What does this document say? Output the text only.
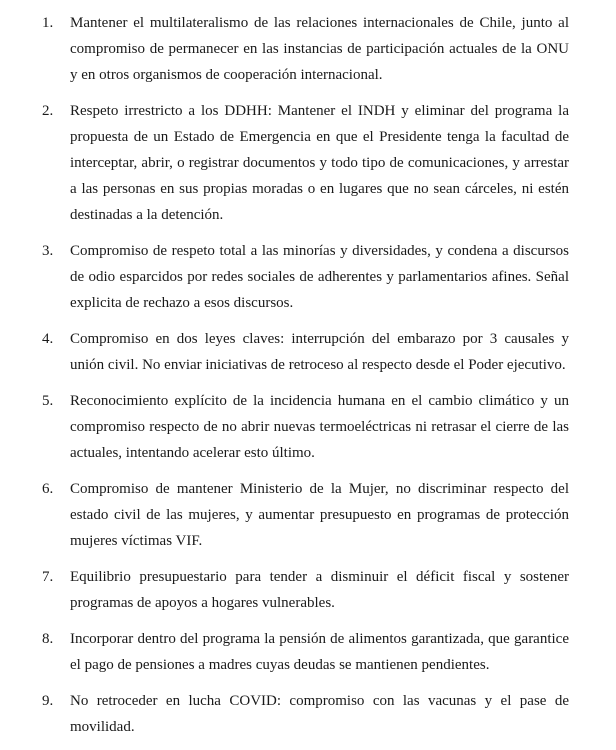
1. Mantener el multilateralismo de las relaciones internacionales de Chile, junto al compromiso de permanecer en las instancias de participación actuales de la ONU y en otros organismos de cooperación internacional.
2. Respeto irrestricto a los DDHH: Mantener el INDH y eliminar del programa la propuesta de un Estado de Emergencia en que el Presidente tenga la facultad de interceptar, abrir, o registrar documentos y todo tipo de comunicaciones, y arrestar a las personas en sus propias moradas o en lugares que no sean cárceles, ni estén destinadas a la detención.
3. Compromiso de respeto total a las minorías y diversidades, y condena a discursos de odio esparcidos por redes sociales de adherentes y parlamentarios afines. Señal explicita de rechazo a esos discursos.
4. Compromiso en dos leyes claves: interrupción del embarazo por 3 causales y unión civil. No enviar iniciativas de retroceso al respecto desde el Poder ejecutivo.
5. Reconocimiento explícito de la incidencia humana en el cambio climático y un compromiso respecto de no abrir nuevas termoeléctricas ni retrasar el cierre de las actuales, intentando acelerar esto último.
6. Compromiso de mantener Ministerio de la Mujer, no discriminar respecto del estado civil de las mujeres, y aumentar presupuesto en programas de protección mujeres víctimas VIF.
7. Equilibrio presupuestario para tender a disminuir el déficit fiscal y sostener programas de apoyos a hogares vulnerables.
8. Incorporar dentro del programa la pensión de alimentos garantizada, que garantice el pago de pensiones a madres cuyas deudas se mantienen pendientes.
9. No retroceder en lucha COVID: compromiso con las vacunas y el pase de movilidad.
